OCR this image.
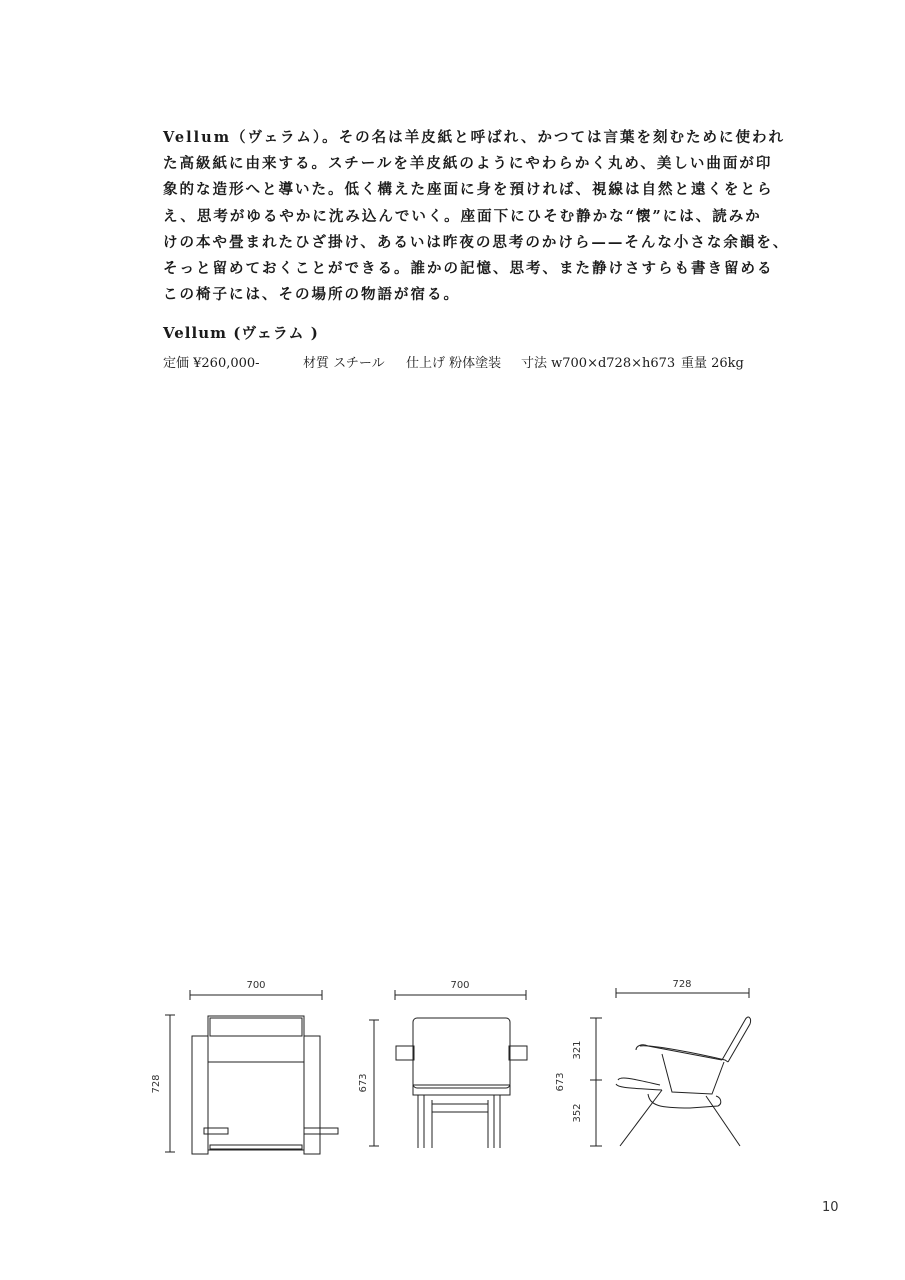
Vellum（ヴェラム）。その名は羊皮紙と呼ばれ、かつては言葉を刻むために使われ
た高級紙に由来する。スチールを羊皮紙のようにやわらかく丸め、美しい曲面が印
象的な造形へと導いた。低く構えた座面に身を預ければ、視線は自然と遠くをとら
え、思考がゆるやかに沈み込んでいく。座面下にひそむ静かな“懐”には、読みか
けの本や畳まれたひざ掛け、あるいは昨夜の思考のかけら——そんな小さな余韻を、
そっと留めておくことができる。誰かの記憶、思考、また静けさすらも書き留める
この椅子には、その場所の物語が宿る。
Vellum (ヴェラム )
定価 ¥260,000-	材質 スチール 仕上げ 粉体塗装 寸法 w700×d728×h673 重量 26kg
700
728
700
673
728
673
321
352
10
